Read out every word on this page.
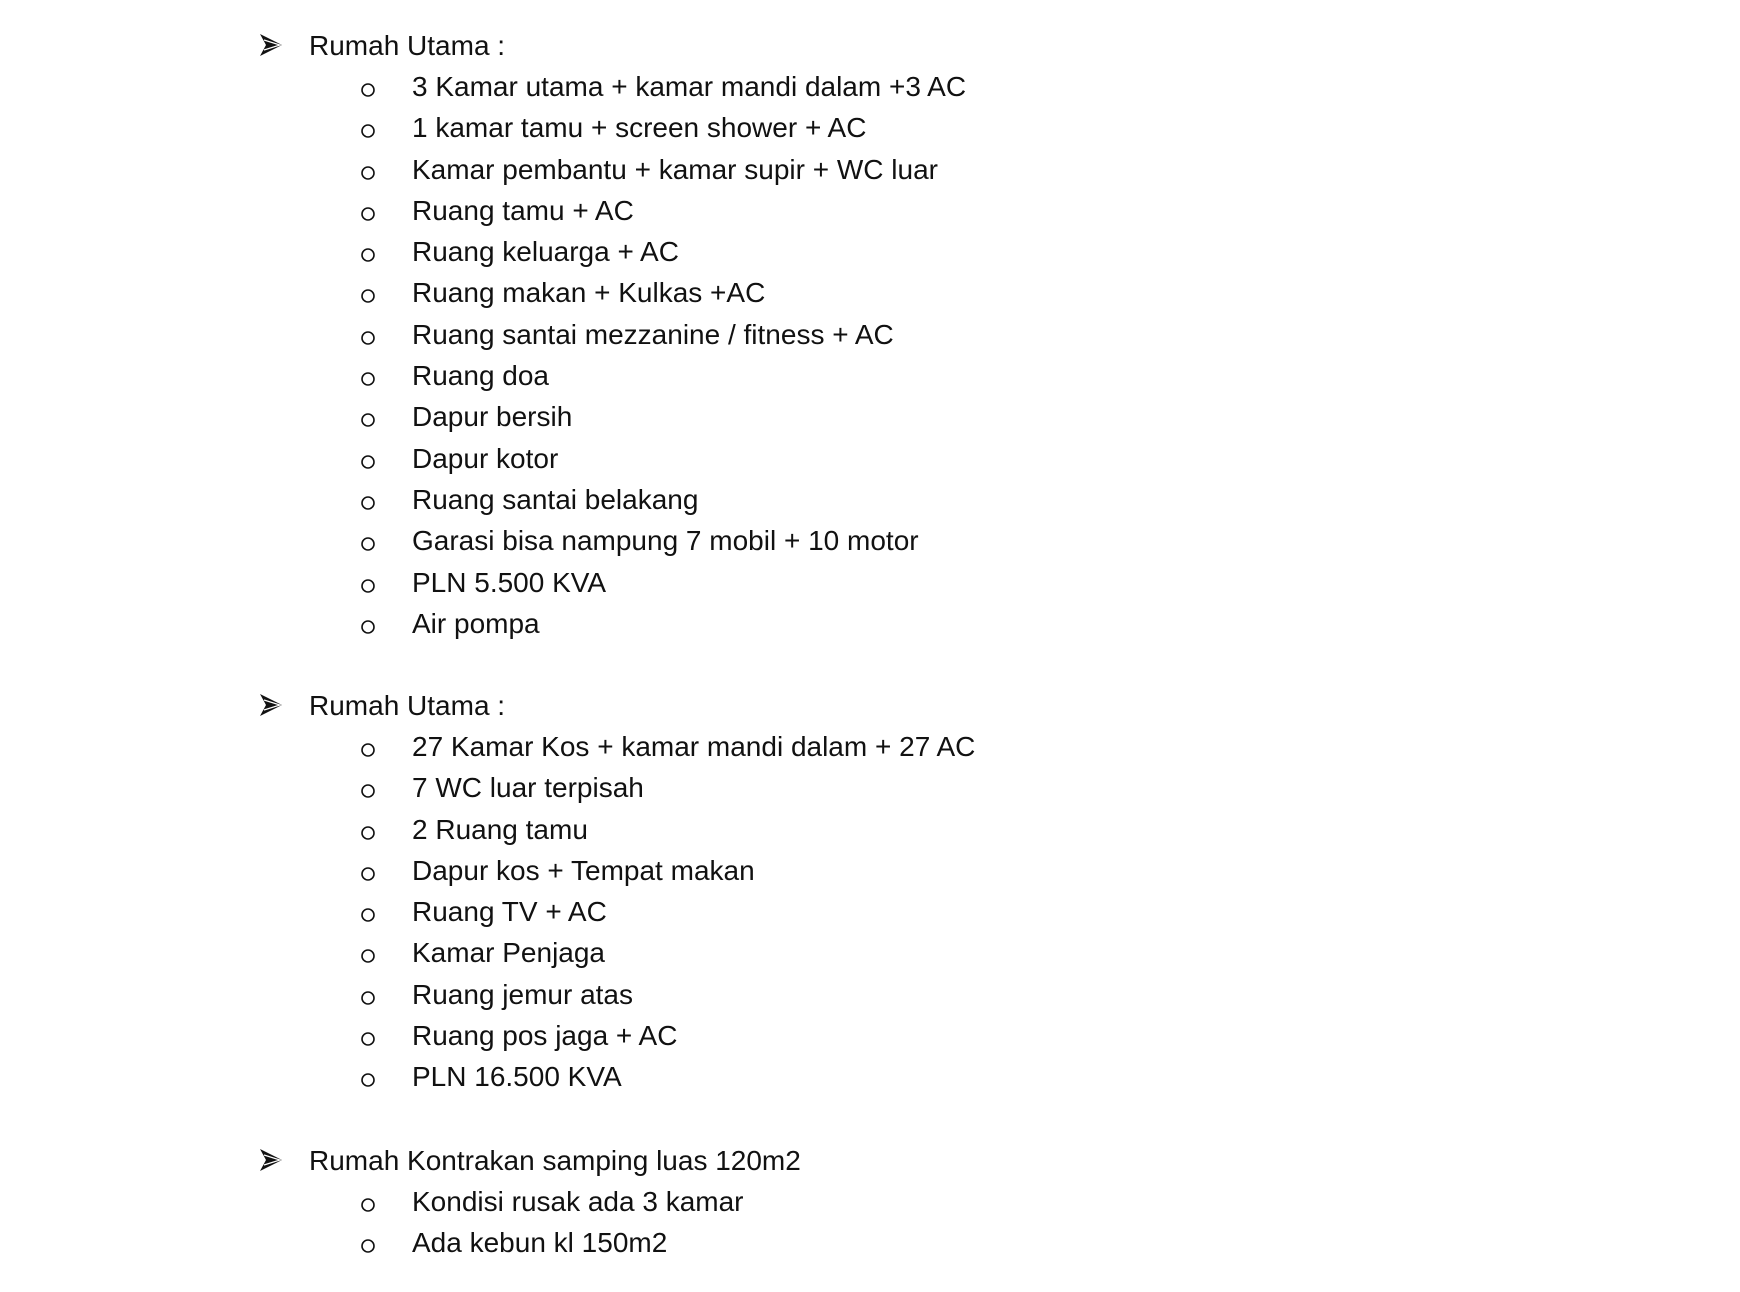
Rumah Utama :
3 Kamar utama + kamar mandi dalam +3 AC
1 kamar tamu + screen shower + AC
Kamar pembantu + kamar supir + WC luar
Ruang tamu + AC
Ruang keluarga + AC
Ruang makan + Kulkas +AC
Ruang santai mezzanine / fitness + AC
Ruang doa
Dapur bersih
Dapur kotor
Ruang santai belakang
Garasi bisa nampung 7 mobil + 10 motor
PLN 5.500 KVA
Air pompa
Rumah Utama :
27 Kamar Kos + kamar mandi dalam + 27 AC
7 WC luar terpisah
2 Ruang tamu
Dapur kos + Tempat makan
Ruang TV + AC
Kamar Penjaga
Ruang jemur atas
Ruang pos jaga + AC
PLN 16.500 KVA
Rumah Kontrakan samping luas 120m2
Kondisi rusak ada 3 kamar
Ada kebun kl 150m2
